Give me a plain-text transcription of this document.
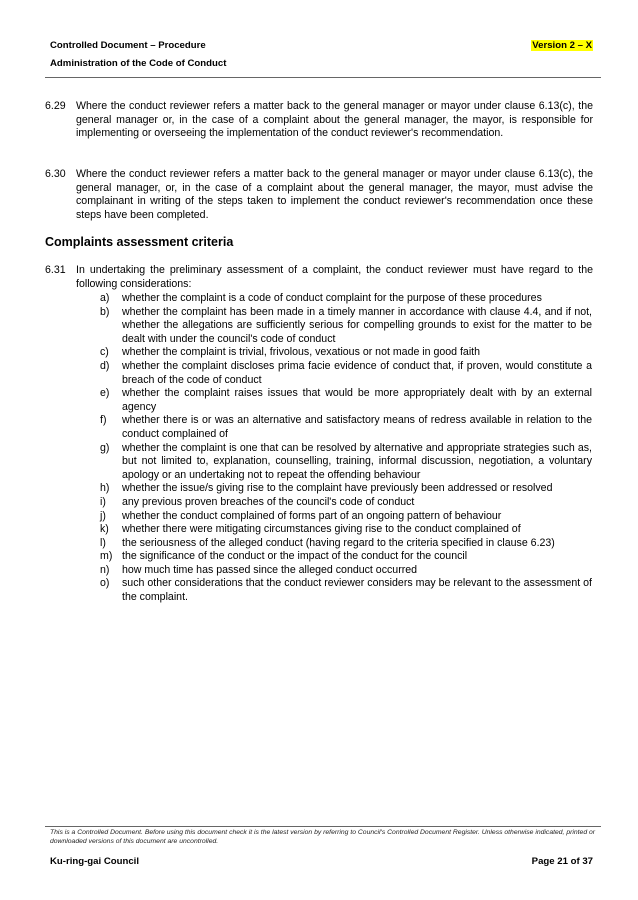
Controlled Document – Procedure
Administration of the Code of Conduct
Version 2 – X
6.29 Where the conduct reviewer refers a matter back to the general manager or mayor under clause 6.13(c), the general manager or, in the case of a complaint about the general manager, the mayor, is responsible for implementing or overseeing the implementation of the conduct reviewer's recommendation.
6.30 Where the conduct reviewer refers a matter back to the general manager or mayor under clause 6.13(c), the general manager, or, in the case of a complaint about the general manager, the mayor, must advise the complainant in writing of the steps taken to implement the conduct reviewer's recommendation once these steps have been completed.
Complaints assessment criteria
6.31 In undertaking the preliminary assessment of a complaint, the conduct reviewer must have regard to the following considerations:
a)	whether the complaint is a code of conduct complaint for the purpose of these procedures
b)	whether the complaint has been made in a timely manner in accordance with clause 4.4, and if not, whether the allegations are sufficiently serious for compelling grounds to exist for the matter to be dealt with under the council's code of conduct
c)	whether the complaint is trivial, frivolous, vexatious or not made in good faith
d)	whether the complaint discloses prima facie evidence of conduct that, if proven, would constitute a breach of the code of conduct
e)	whether the complaint raises issues that would be more appropriately dealt with by an external agency
f)	whether there is or was an alternative and satisfactory means of redress available in relation to the conduct complained of
g)	whether the complaint is one that can be resolved by alternative and appropriate strategies such as, but not limited to, explanation, counselling, training, informal discussion, negotiation, a voluntary apology or an undertaking not to repeat the offending behaviour
h)	whether the issue/s giving rise to the complaint have previously been addressed or resolved
i)	any previous proven breaches of the council's code of conduct
j)	whether the conduct complained of forms part of an ongoing pattern of behaviour
k)	whether there were mitigating circumstances giving rise to the conduct complained of
l)	the seriousness of the alleged conduct (having regard to the criteria specified in clause 6.23)
m) the significance of the conduct or the impact of the conduct for the council
n)	how much time has passed since the alleged conduct occurred
o)	such other considerations that the conduct reviewer considers may be relevant to the assessment of the complaint.
This is a Controlled Document. Before using this document check it is the latest version by referring to Council's Controlled Document Register. Unless otherwise indicated, printed or downloaded versions of this document are uncontrolled.
Ku-ring-gai Council	Page 21 of 37
